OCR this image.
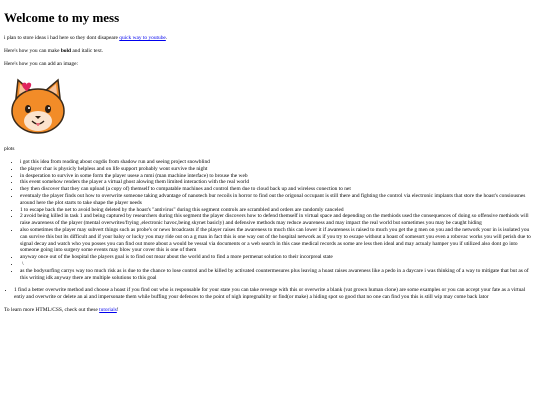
Welcome to my mess

i plan to store ideas i had here so they dont disapeare quick way to youtube.

Here's how you can make bold and italic text.

Here's how you can add an image:

plots

• i got this idea from reading about cogdis from shadow run and seeing project snowblind
• the player char is physicly helpless and on life support probably wont survive the night
• in desperation to survive in some form the player usese a mmi (man machine interface) to brouse the web
• this event somehow renders the player a virtual ghost alowing them limited interaction with the real world
• they then discover that they can upload (a copy of) themself to compatable machines and control them due to cloud back up and wireless conection to net
• eventualy the player finds out how to overwrite someone taking advantage of nanotech bur recoils in horror to find out the origonal occupant is still there and fighting the control via electronic implants that store the hoast's consiousnes around here the plot starts to take shape the player needs
• 1 to escape back the net to avoid being deleted by the hoast's "antivirus" during this segment controls are scrambled and orders are randomly canceled
• 2 avoid being killed in task 1 and being captured by researchers during this segment the player discovers how to defend themself in virtual space and depending on the methiods used the consequences of doing so offensive methiods will raise awareness of the player (mental overwrites/frying ,electronic havoc,being skynet basicly) and defensive methods may reduce awareness and may impact the real world but sometimes you may be caught hiding
• also sometimes the player may subvert things such as probe's or news broadcasts if the player raises the awareness to much this can lower it if awareness is raised to much you get the g men on you and the network your in is isolated you can survive this but its difficult and if your balsy or lucky you may ride out on a g man in fact this is one way out of the hospital network as if you try to escape without a hoast of somesort you even a robovac works you will perish due to signal decay and watch who you posses you can find out more about a would be vessal via documents or a web search in this case medical records as some are less then ideal and may actualy hamper you if utilized also dont go into someone going into surgery some events may blow your cover this is one of them
• anyway once out of the hospital the players goal is to find out moar about the world and to find a more permenat solution to their incorpreal state
• \
• as the bodysurfing carrys way too much risk as is due to the chance to lose control and be killed by activated countermesures plus leaving a hoast raises awareness like a pedo in a daycare i was thinking of a way to mitigate that but as of this writing idk anyway there are multiple solutions to this goal
• 1 find a better overwrite method and choose a hoast if you find out who is responsable for your state you can take revenge with this or overwrite a blank (vat grown human clone) are some examples or you can accept your fate as a virtual entiy and overwrite or delete an ai and impersonate them while buffing your defences to the point of nigh inpregnabilty or find(or make) a hiding spot so good that no one can find you this is still wip may come back lator

To learn more HTML/CSS, check out these tutorials!
